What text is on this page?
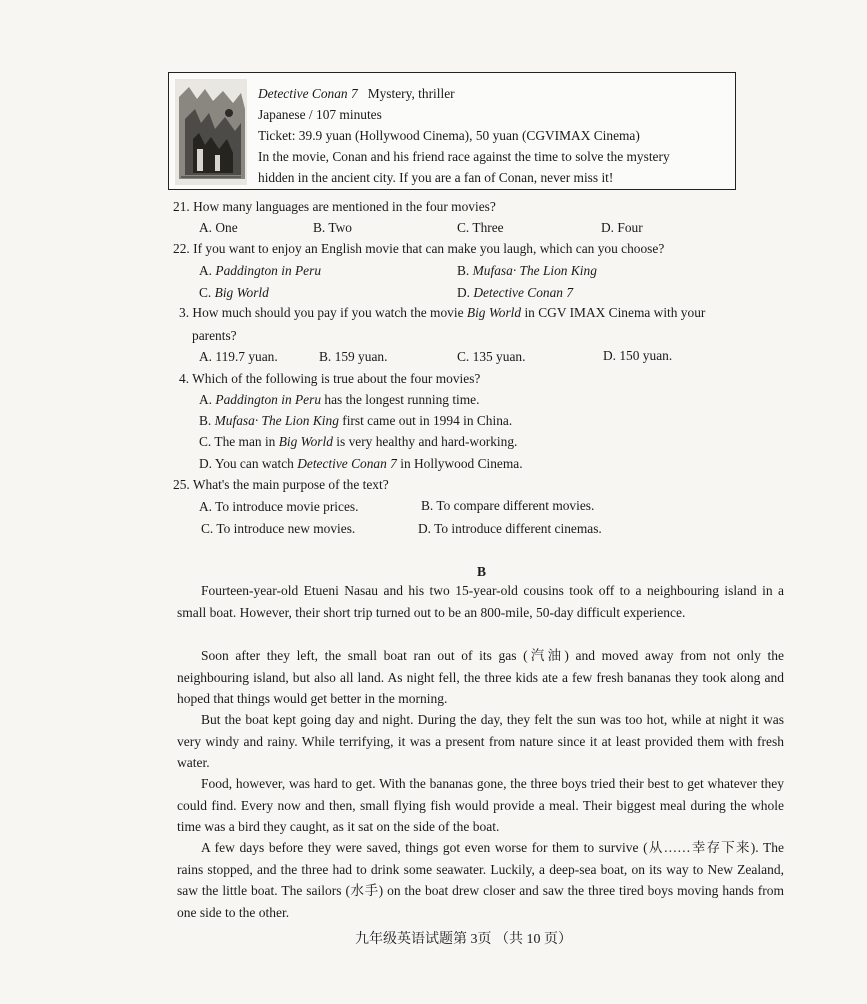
Detective Conan 7 Mystery, thriller
Japanese / 107 minutes
Ticket: 39.9 yuan (Hollywood Cinema), 50 yuan (CGVIMAX Cinema)
In the movie, Conan and his friend race against the time to solve the mystery
hidden in the ancient city. If you are a fan of Conan, never miss it!
21. How many languages are mentioned in the four movies?
A. One	B. Two	C. Three	D. Four
22. If you want to enjoy an English movie that can make you laugh, which can you choose?
A. Paddington in Peru	B. Mufasa· The Lion King
C. Big World	D. Detective Conan 7
3. How much should you pay if you watch the movie Big World in CGV IMAX Cinema with your
parents?
A. 119.7 yuan.	B. 159 yuan.	C. 135 yuan.	D. 150 yuan.
4. Which of the following is true about the four movies?
A. Paddington in Peru has the longest running time.
B. Mufasa· The Lion King first came out in 1994 in China.
C. The man in Big World is very healthy and hard-working.
D. You can watch Detective Conan 7 in Hollywood Cinema.
25. What's the main purpose of the text?
A. To introduce movie prices.	B. To compare different movies.
C. To introduce new movies.	D. To introduce different cinemas.
B
Fourteen-year-old Etueni Nasau and his two 15-year-old cousins took off to a neighbouring island in a small boat. However, their short trip turned out to be an 800-mile, 50-day difficult experience.
Soon after they left, the small boat ran out of its gas (汽油) and moved away from not only the neighbouring island, but also all land. As night fell, the three kids ate a few fresh bananas they took along and hoped that things would get better in the morning.
But the boat kept going day and night. During the day, they felt the sun was too hot, while at night it was very windy and rainy. While terrifying, it was a present from nature since it at least provided them with fresh water.
Food, however, was hard to get. With the bananas gone, the three boys tried their best to get whatever they could find. Every now and then, small flying fish would provide a meal. Their biggest meal during the whole time was a bird they caught, as it sat on the side of the boat.
A few days before they were saved, things got even worse for them to survive (从……幸存下来). The rains stopped, and the three had to drink some seawater. Luckily, a deep-sea boat, on its way to New Zealand, saw the little boat. The sailors (水手) on the boat drew closer and saw the three tired boys moving hands from one side to the other.
九年级英语试题第 3页 （共 10 页）
